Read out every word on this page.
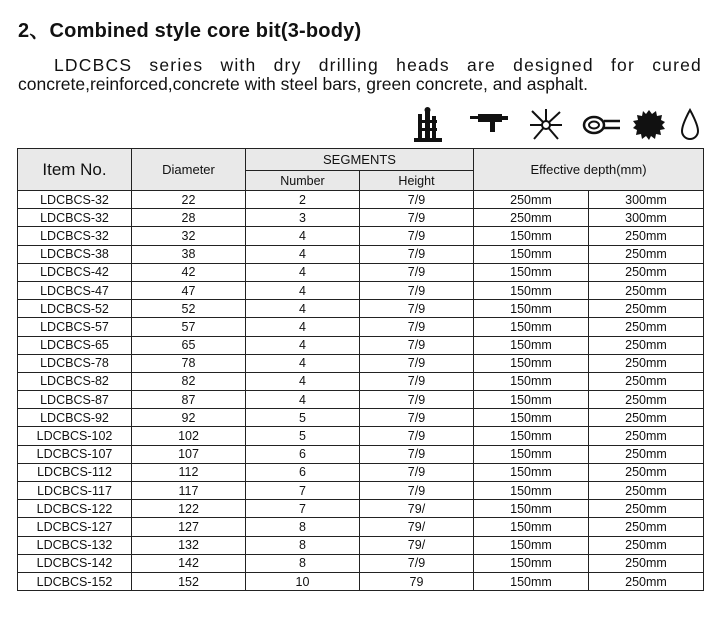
2、Combined style core bit(3-body)
LDCBCS series with dry drilling heads are designed for cured
concrete,reinforced,concrete with steel bars, green concrete, and asphalt.
Item No.	Diameter	SEGMENTS		Effective depth(mm)	
		Number	Height		
LDCBCS-32	22	2	7/9	250mm	300mm
LDCBCS-32	28	3	7/9	250mm	300mm
LDCBCS-32	32	4	7/9	150mm	250mm
LDCBCS-38	38	4	7/9	150mm	250mm
LDCBCS-42	42	4	7/9	150mm	250mm
LDCBCS-47	47	4	7/9	150mm	250mm
LDCBCS-52	52	4	7/9	150mm	250mm
LDCBCS-57	57	4	7/9	150mm	250mm
LDCBCS-65	65	4	7/9	150mm	250mm
LDCBCS-78	78	4	7/9	150mm	250mm
LDCBCS-82	82	4	7/9	150mm	250mm
LDCBCS-87	87	4	7/9	150mm	250mm
LDCBCS-92	92	5	7/9	150mm	250mm
LDCBCS-102	102	5	7/9	150mm	250mm
LDCBCS-107	107	6	7/9	150mm	250mm
LDCBCS-112	112	6	7/9	150mm	250mm
LDCBCS-117	117	7	7/9	150mm	250mm
LDCBCS-122	122	7	79/	150mm	250mm
LDCBCS-127	127	8	79/	150mm	250mm
LDCBCS-132	132	8	79/	150mm	250mm
LDCBCS-142	142	8	7/9	150mm	250mm
LDCBCS-152	152	10	79	150mm	250mm
